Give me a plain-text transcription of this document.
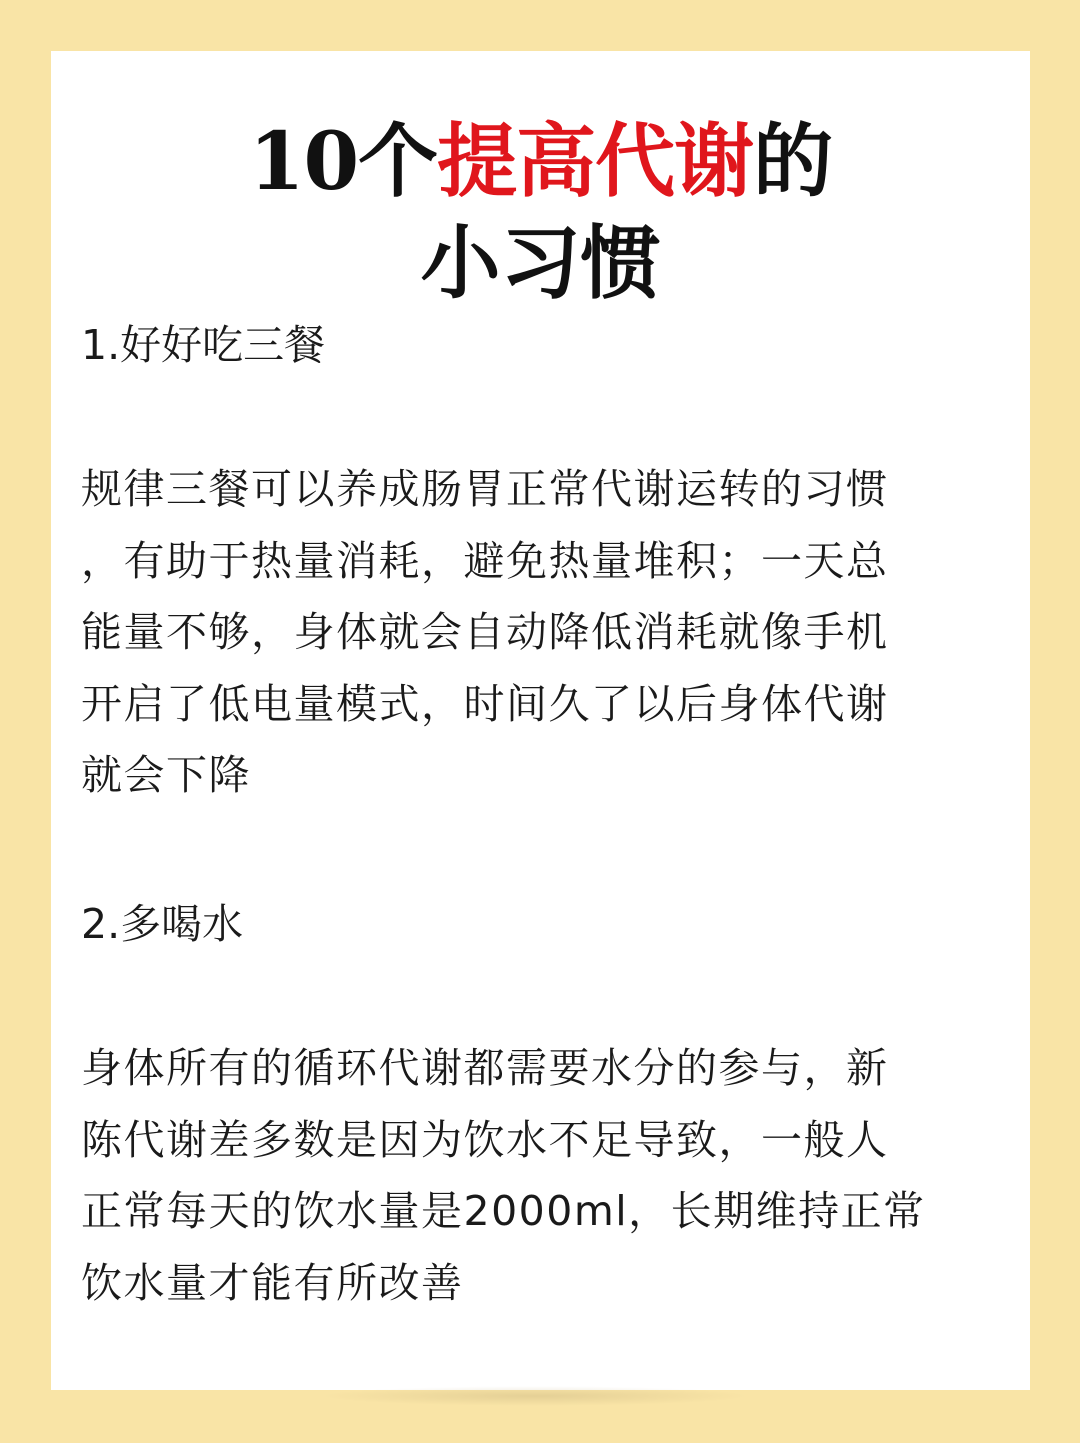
10个提高代谢的
小习惯
1.好好吃三餐

规律三餐可以养成肠胃正常代谢运转的习惯
，有助于热量消耗，避免热量堆积；一天总
能量不够，身体就会自动降低消耗就像手机
开启了低电量模式，时间久了以后身体代谢
就会下降

2.多喝水

身体所有的循环代谢都需要水分的参与，新
陈代谢差多数是因为饮水不足导致，一般人
正常每天的饮水量是2000ml，长期维持正常
饮水量才能有所改善
